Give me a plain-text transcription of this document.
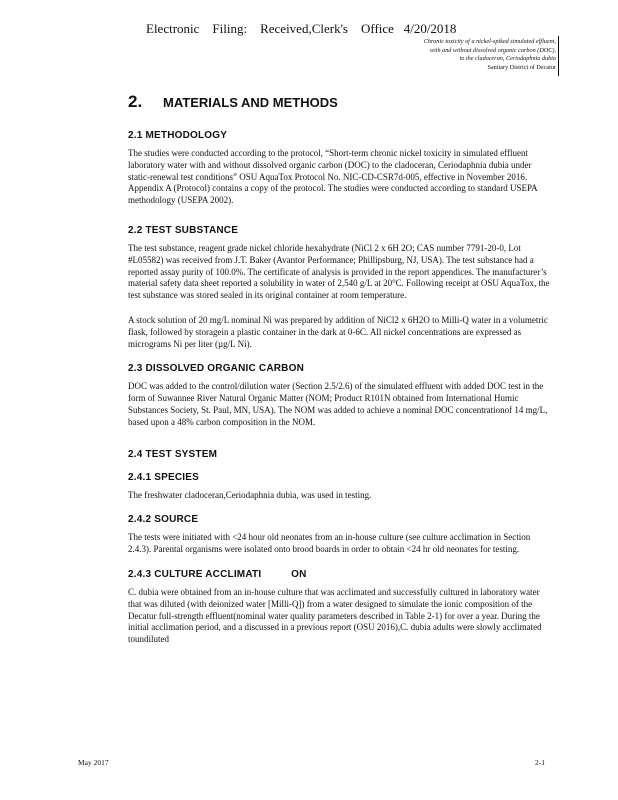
Electronic    Filing:    Received,Clerk's    Office   4/20/2018
Chronic toxicity of a nickel-spiked simulated effluent,
with and without dissolved organic carbon (DOC),
to the cladoceran, Ceriodaphnia dubia
Sanitary District of Decatur
2.	MATERIALS AND METHODS
2.1 METHODOLOGY

The studies were conducted according to the protocol, “Short-term chronic nickel toxicity in simulated effluent laboratory water with and without dissolved organic carbon (DOC) to the cladoceran, Ceriodaphnia dubia under static-renewal test conditions” OSU AquaTox Protocol No. NIC-CD-CSR7d-005, effective in November 2016. Appendix A (Protocol) contains a copy of the protocol. The studies were conducted according to standard USEPA methodology (USEPA 2002).

2.2 TEST SUBSTANCE

The test substance, reagent grade nickel chloride hexahydrate (NiCl 2 x 6H 2O; CAS number 7791-20-0, Lot #L05582) was received from J.T. Baker (Avantor Performance; Phillipsburg, NJ, USA). The test substance had a reported assay purity of 100.0%. The certificate of analysis is provided in the report appendices. The manufacturer’s material safety data sheet reported a solubility in water of 2,540 g/L at 20°C. Following receipt at OSU AquaTox, the test substance was stored sealed in its original container at room temperature.

A stock solution of 20 mg/L nominal Ni was prepared by addition of NiCl2 x 6H2O to Milli-Q water in a volumetric flask, followed by storagein a plastic container in the dark at 0-6C. All nickel concentrations are expressed as micrograms Ni per liter (µg/L Ni).

2.3 DISSOLVED ORGANIC CARBON

DOC was added to the control/dilution water (Section 2.5/2.6) of the simulated effluent with added DOC test in the form of Suwannee River Natural Organic Matter (NOM; Product R101N obtained from International Humic Substances Society, St. Paul, MN, USA). The NOM was added to achieve a nominal DOC concentrationof 14 mg/L, based upon a 48% carbon composition in the NOM.

2.4 TEST SYSTEM
2.4.1 SPECIES

The freshwater cladoceran,Ceriodaphnia dubia, was used in testing.

2.4.2 SOURCE

The tests were initiated with <24 hour old neonates from an in-house culture (see culture acclimation in Section 2.4.3). Parental organisms were isolated onto brood boards in order to obtain <24 hr old neonates for testing.

2.4.3 CULTURE ACCLIMATI          ON

C. dubia were obtained from an in-house culture that was acclimated and successfully cultured in laboratory water that was diluted (with deionized water [Milli-Q]) from a water designed to simulate the ionic composition of the Decatur full-strength effluent(nominal water quality parameters described in Table 2-1) for over a year. During the initial acclimation period, and a discussed in a previous report (OSU 2016),C. dubia adults were slowly acclimated toundiluted

May 2017	2-1
